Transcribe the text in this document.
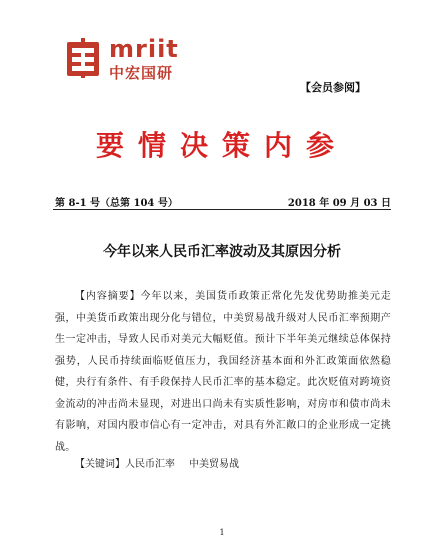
mriit
中宏国研
【会员参阅】
要情决策内参
第 8-1 号（总第 104 号）	2018 年 09 月 03 日
今年以来人民币汇率波动及其原因分析
【内容摘要】今年以来，美国货币政策正常化先发优势助推美元走强，中美货币政策出现分化与错位，中美贸易战升级对人民币汇率预期产生一定冲击，导致人民币对美元大幅贬值。预计下半年美元继续总体保持强势，人民币持续面临贬值压力，我国经济基本面和外汇政策面依然稳健，央行有条件、有手段保持人民币汇率的基本稳定。此次贬值对跨境资金流动的冲击尚未显现，对进出口尚未有实质性影响，对房市和债市尚未有影响，对国内股市信心有一定冲击，对具有外汇敞口的企业形成一定挑战。
【关键词】人民币汇率 中美贸易战
1
